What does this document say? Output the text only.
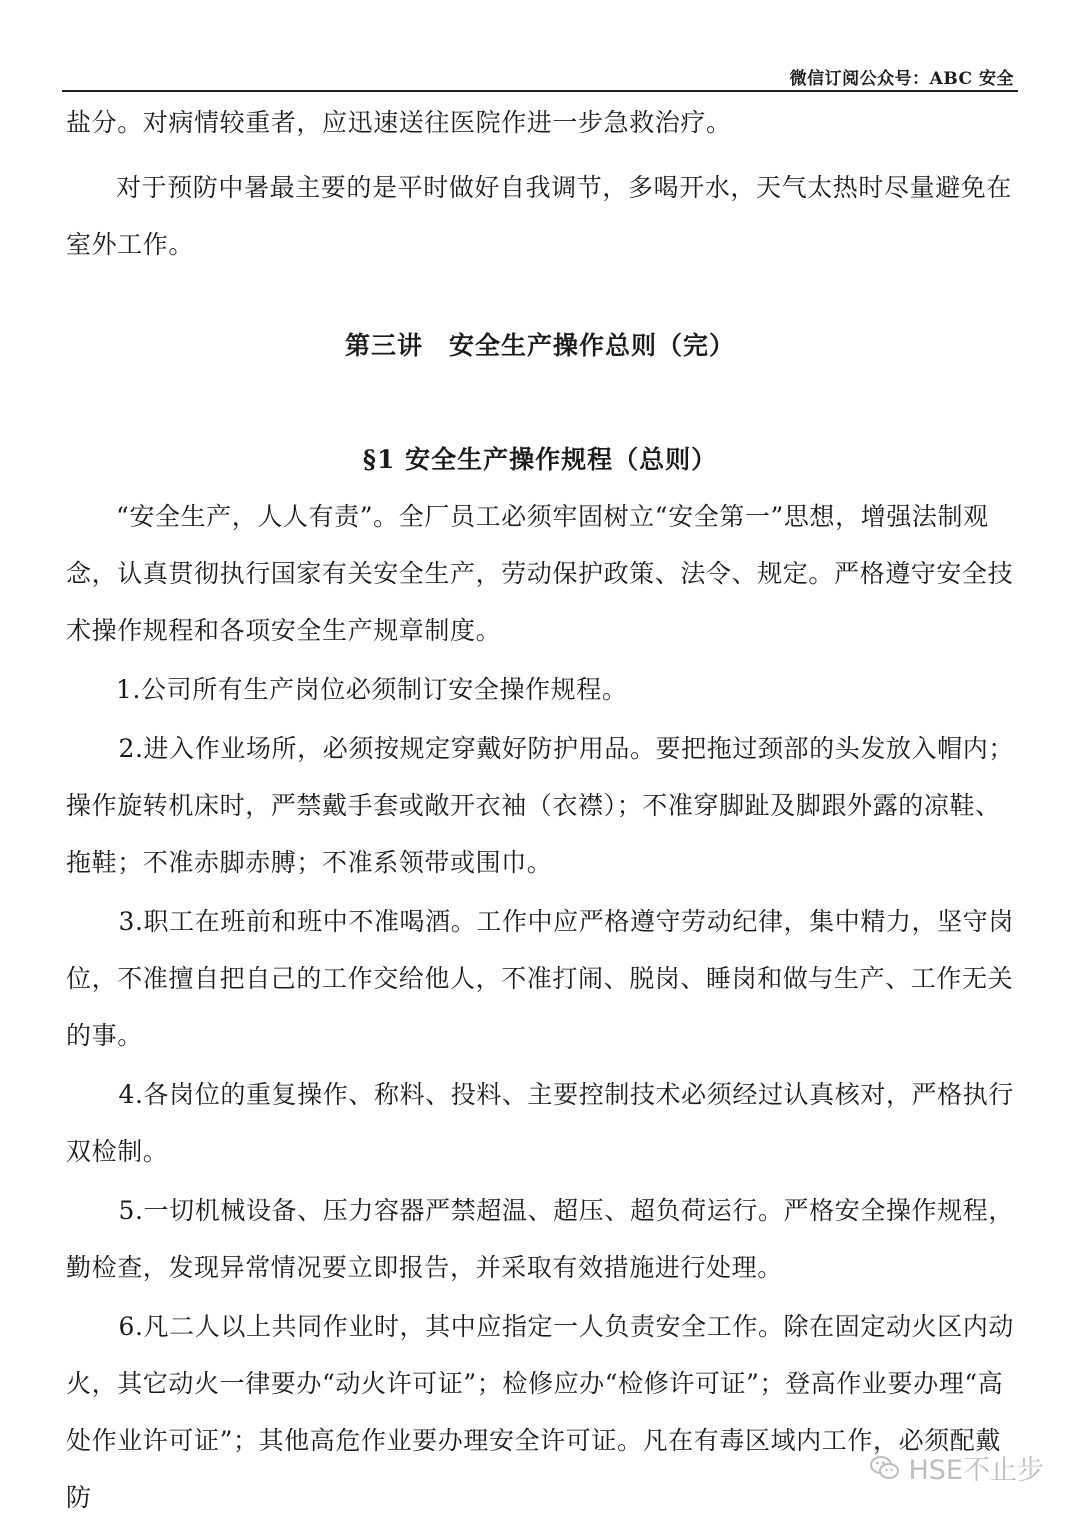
微信订阅公众号：ABC 安全

盐分。对病情较重者，应迅速送往医院作进一步急救治疗。

对于预防中暑最主要的是平时做好自我调节，多喝开水，天气太热时尽量避免在室外工作。

第三讲　安全生产操作总则（完）
§1 安全生产操作规程（总则）

“安全生产，人人有责”。全厂员工必须牢固树立“安全第一”思想，增强法制观念，认真贯彻执行国家有关安全生产，劳动保护政策、法令、规定。严格遵守安全技术操作规程和各项安全生产规章制度。

1.公司所有生产岗位必须制订安全操作规程。

2.进入作业场所，必须按规定穿戴好防护用品。要把拖过颈部的头发放入帽内；操作旋转机床时，严禁戴手套或敞开衣袖（衣襟）；不准穿脚趾及脚跟外露的凉鞋、拖鞋；不准赤脚赤膊；不准系领带或围巾。

3.职工在班前和班中不准喝酒。工作中应严格遵守劳动纪律，集中精力，坚守岗位，不准擅自把自己的工作交给他人，不准打闹、脱岗、睡岗和做与生产、工作无关的事。

4.各岗位的重复操作、称料、投料、主要控制技术必须经过认真核对，严格执行双检制。

5.一切机械设备、压力容器严禁超温、超压、超负荷运行。严格安全操作规程，勤检查，发现异常情况要立即报告，并采取有效措施进行处理。

6.凡二人以上共同作业时，其中应指定一人负责安全工作。除在固定动火区内动火，其它动火一律要办“动火许可证”；检修应办“检修许可证”；登高作业要办理“高处作业许可证”；其他高危作业要办理安全许可证。凡在有毒区域内工作，必须配戴防

HSE不止步
